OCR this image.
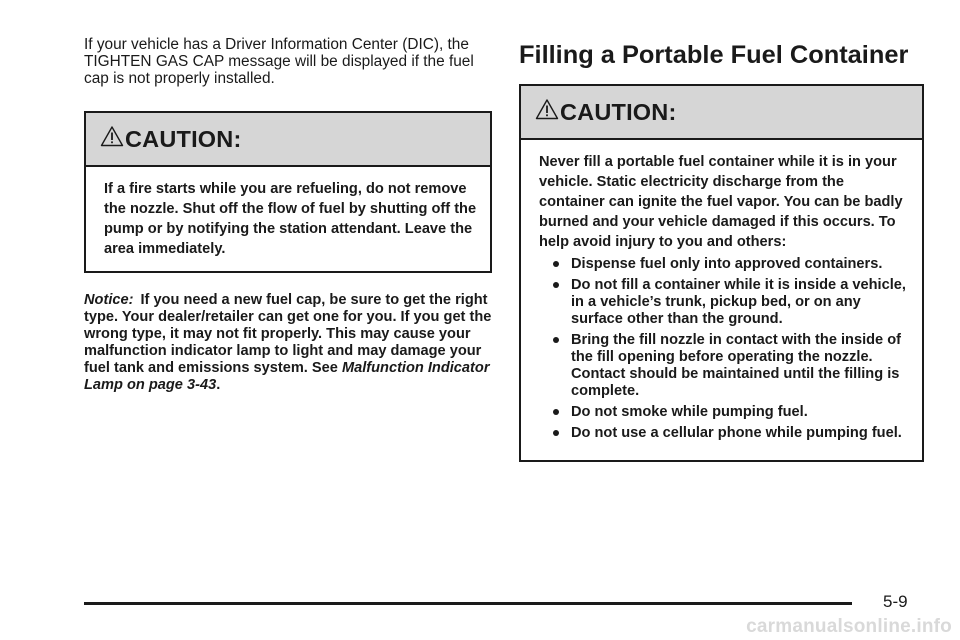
If your vehicle has a Driver Information Center (DIC), the TIGHTEN GAS CAP message will be displayed if the fuel cap is not properly installed.

CAUTION:
If a fire starts while you are refueling, do not remove the nozzle. Shut off the flow of fuel by shutting off the pump or by notifying the station attendant. Leave the area immediately.
Notice: If you need a new fuel cap, be sure to get the right type. Your dealer/retailer can get one for you. If you get the wrong type, it may not fit properly. This may cause your malfunction indicator lamp to light and may damage your fuel tank and emissions system. See Malfunction Indicator Lamp on page 3-43.
Filling a Portable Fuel Container
CAUTION:

Never fill a portable fuel container while it is in your vehicle. Static electricity discharge from the container can ignite the fuel vapor. You can be badly burned and your vehicle damaged if this occurs. To help avoid injury to you and others:

Dispense fuel only into approved containers.
Do not fill a container while it is inside a vehicle, in a vehicle’s trunk, pickup bed, or on any surface other than the ground.
Bring the fill nozzle in contact with the inside of the fill opening before operating the nozzle. Contact should be maintained until the filling is complete.
Do not smoke while pumping fuel.
Do not use a cellular phone while pumping fuel.
5-9
carmanualsonline.info
